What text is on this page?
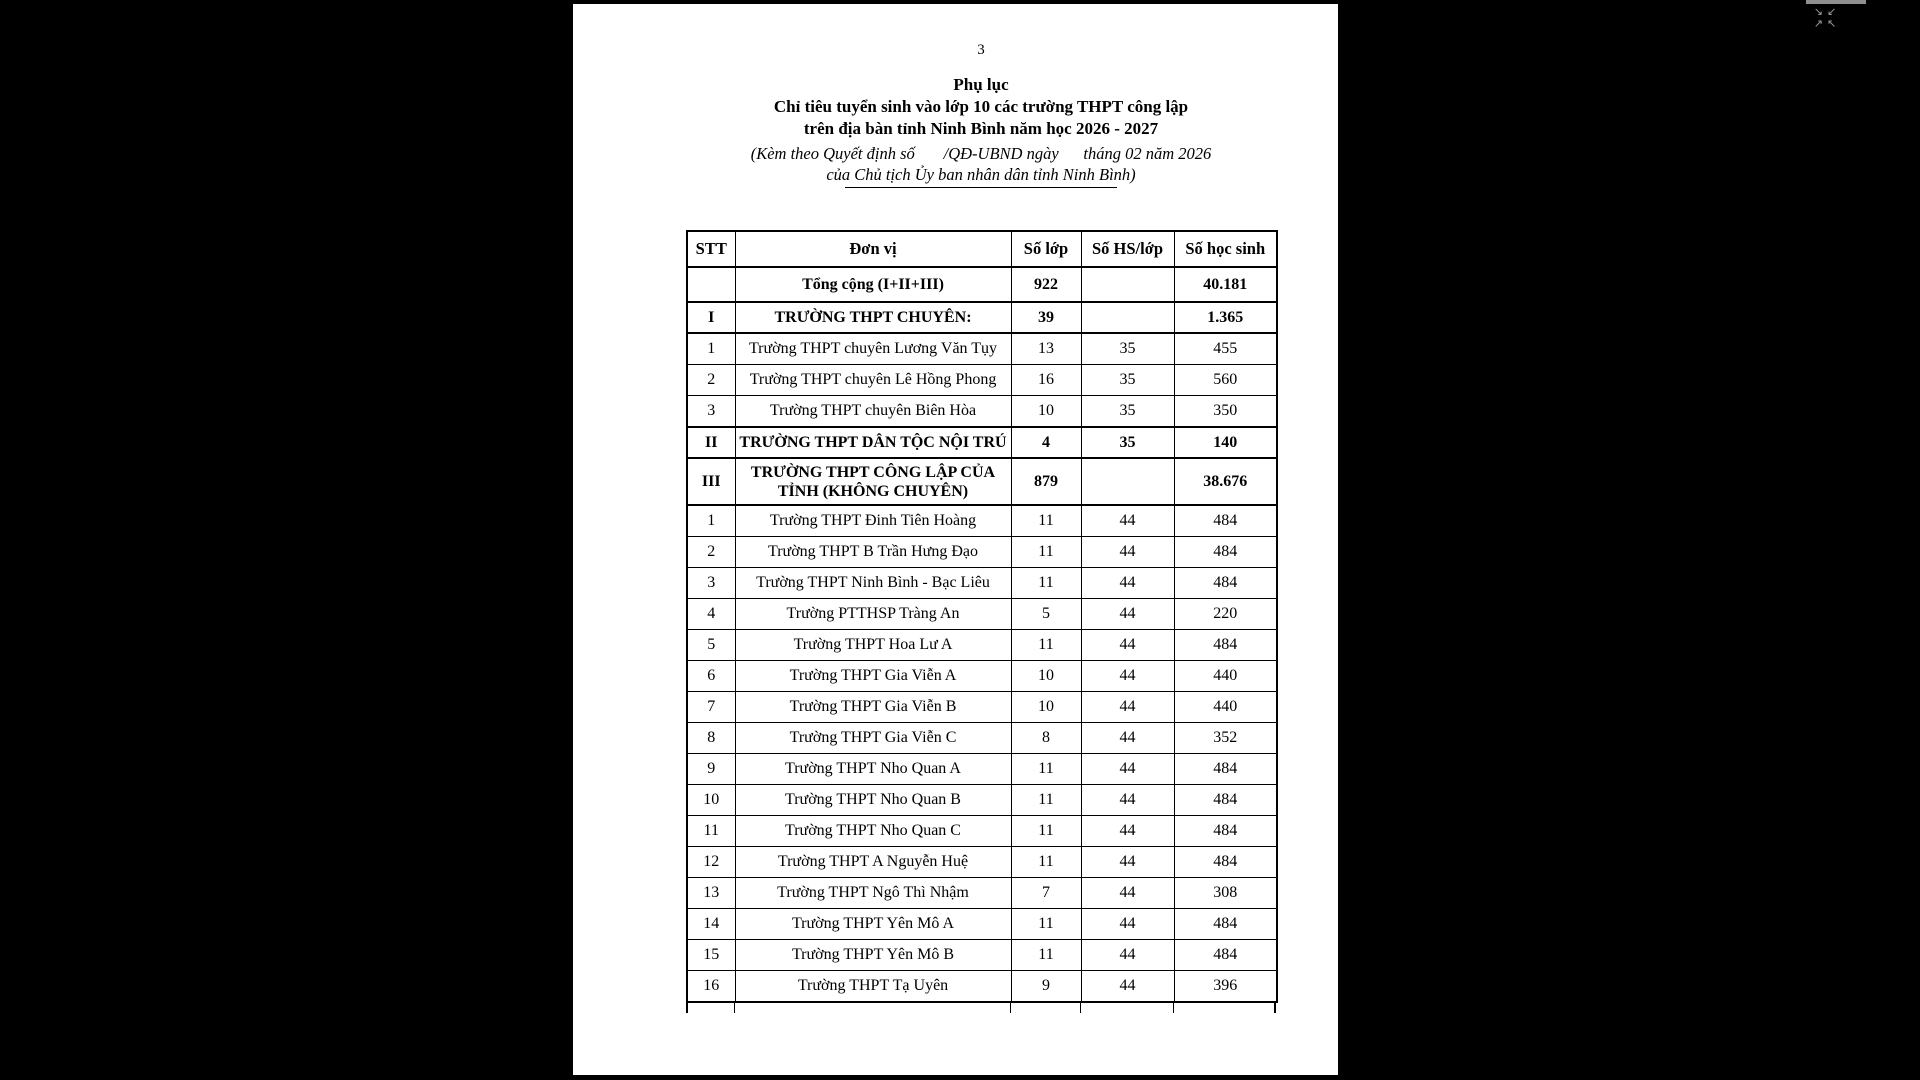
↘↙
↗↖
3
Phụ lục
Chỉ tiêu tuyển sinh vào lớp 10 các trường THPT công lập
trên địa bàn tỉnh Ninh Bình năm học 2026 - 2027
(Kèm theo Quyết định số       /QĐ-UBND ngày      tháng 02 năm 2026
của Chủ tịch Ủy ban nhân dân tỉnh Ninh Bình)
STT	Đơn vị	Số lớp	Số HS/lớp	Số học sinh
	Tổng cộng (I+II+III)	922		40.181
I	TRƯỜNG THPT CHUYÊN:	39		1.365
1	Trường THPT chuyên Lương Văn Tụy	13	35	455
2	Trường THPT chuyên Lê Hồng Phong	16	35	560
3	Trường THPT chuyên Biên Hòa	10	35	350
II	TRƯỜNG THPT DÂN TỘC NỘI TRÚ	4	35	140
III	TRƯỜNG THPT CÔNG LẬP CỦA TỈNH (KHÔNG CHUYÊN)	879		38.676
1	Trường THPT Đinh Tiên Hoàng	11	44	484
2	Trường THPT B Trần Hưng Đạo	11	44	484
3	Trường THPT Ninh Bình - Bạc Liêu	11	44	484
4	Trường PTTHSP Tràng An	5	44	220
5	Trường THPT Hoa Lư A	11	44	484
6	Trường THPT Gia Viễn A	10	44	440
7	Trường THPT Gia Viễn B	10	44	440
8	Trường THPT Gia Viễn C	8	44	352
9	Trường THPT Nho Quan A	11	44	484
10	Trường THPT Nho Quan B	11	44	484
11	Trường THPT Nho Quan C	11	44	484
12	Trường THPT A Nguyễn Huệ	11	44	484
13	Trường THPT Ngô Thì Nhậm	7	44	308
14	Trường THPT Yên Mô A	11	44	484
15	Trường THPT Yên Mô B	11	44	484
16	Trường THPT Tạ Uyên	9	44	396
